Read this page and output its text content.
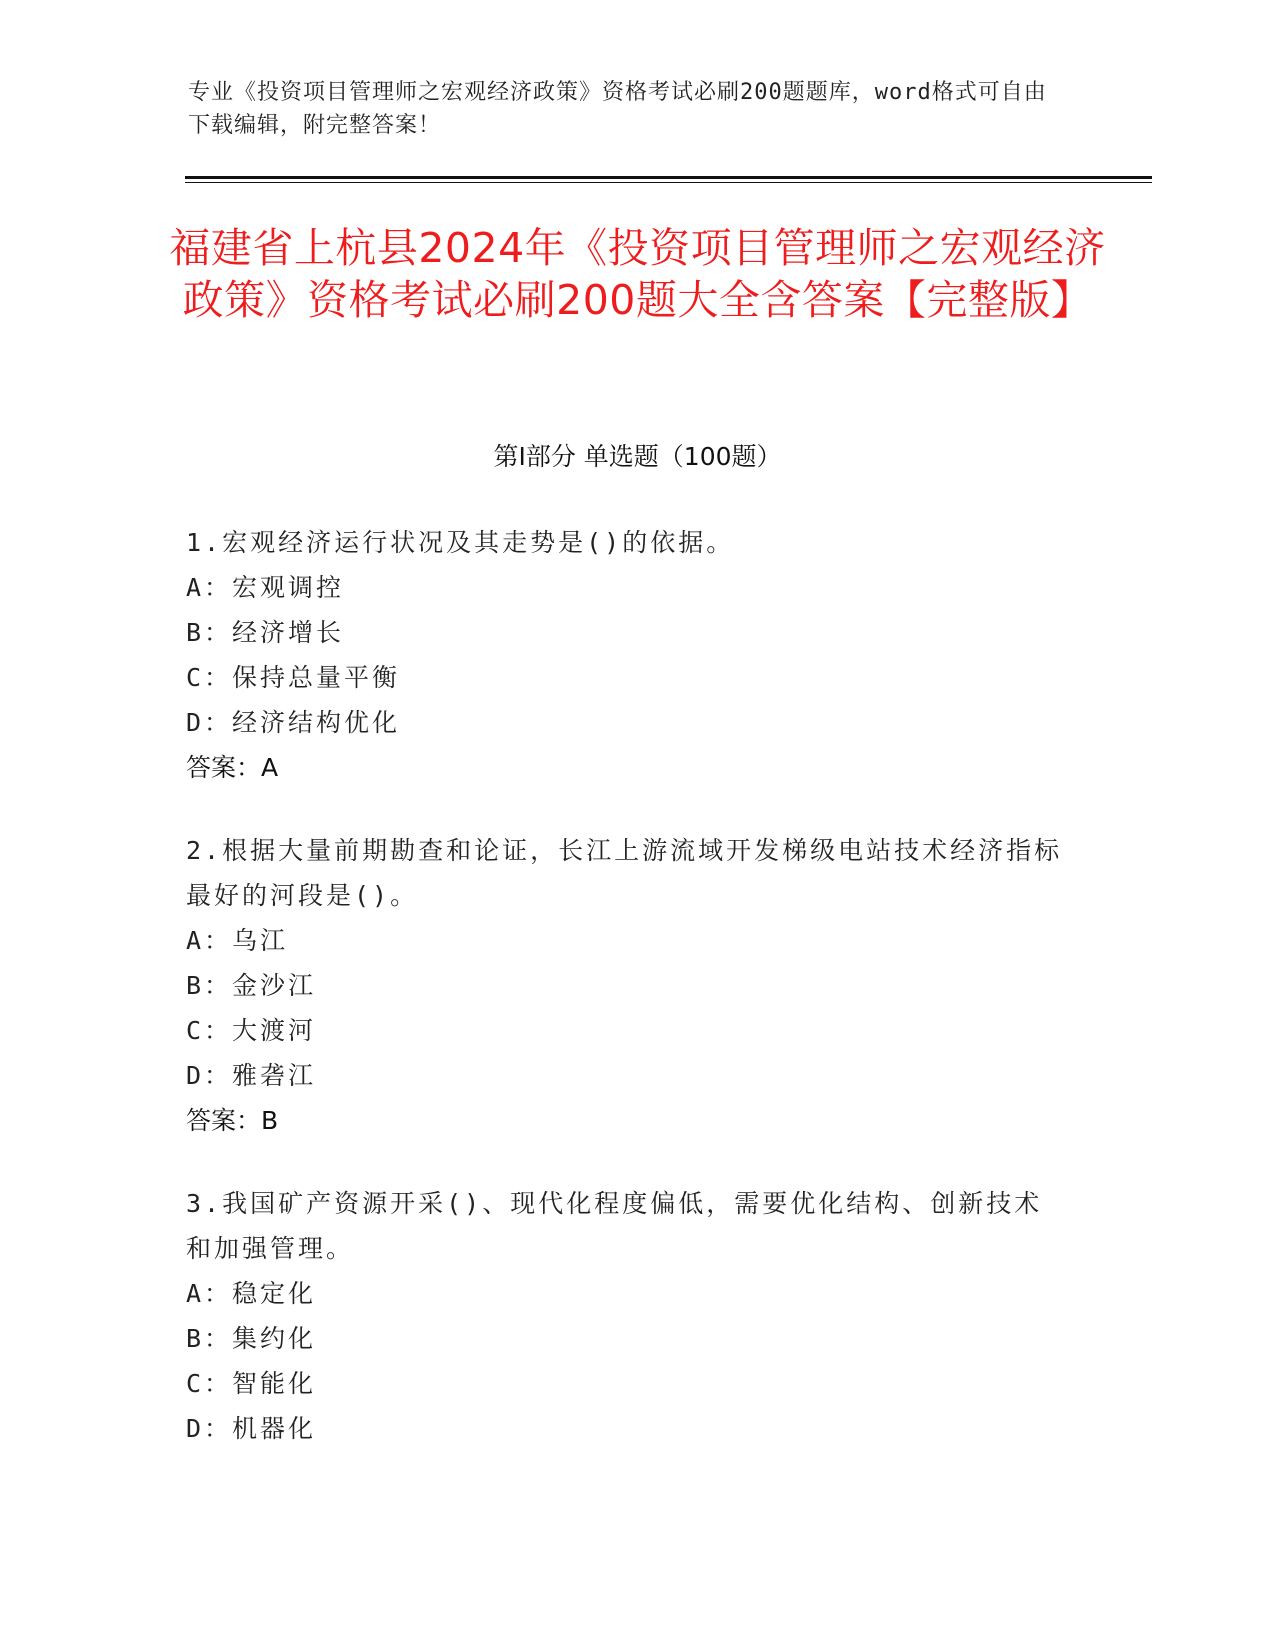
专业《投资项目管理师之宏观经济政策》资格考试必刷200题题库，word格式可自由下载编辑，附完整答案！
福建省上杭县2024年《投资项目管理师之宏观经济政策》资格考试必刷200题大全含答案【完整版】
第Ⅰ部分 单选题（100题）
1.宏观经济运行状况及其走势是()的依据。
A：宏观调控
B：经济增长
C：保持总量平衡
D：经济结构优化
答案：A
2.根据大量前期勘查和论证，长江上游流域开发梯级电站技术经济指标最好的河段是()。
A：乌江
B：金沙江
C：大渡河
D：雅砻江
答案：B
3.我国矿产资源开采()、现代化程度偏低，需要优化结构、创新技术和加强管理。
A：稳定化
B：集约化
C：智能化
D：机器化
